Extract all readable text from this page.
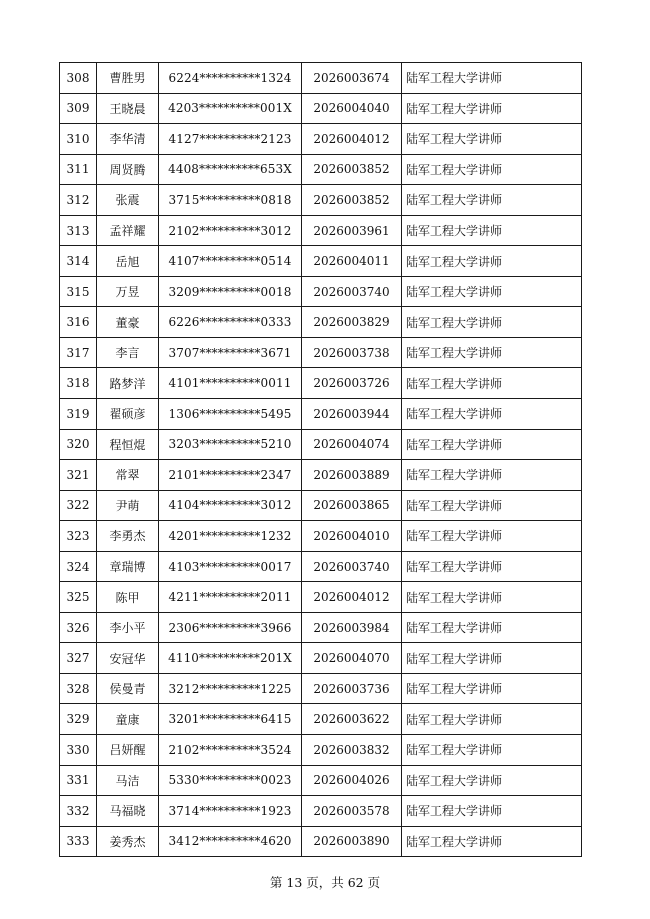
308	曹胜男	6224**********1324	2026003674	陆军工程大学讲师
309	王晓晨	4203**********001X	2026004040	陆军工程大学讲师
310	李华清	4127**********2123	2026004012	陆军工程大学讲师
311	周贤腾	4408**********653X	2026003852	陆军工程大学讲师
312	张震	3715**********0818	2026003852	陆军工程大学讲师
313	孟祥耀	2102**********3012	2026003961	陆军工程大学讲师
314	岳旭	4107**********0514	2026004011	陆军工程大学讲师
315	万昱	3209**********0018	2026003740	陆军工程大学讲师
316	董豪	6226**********0333	2026003829	陆军工程大学讲师
317	李言	3707**********3671	2026003738	陆军工程大学讲师
318	路梦洋	4101**********0011	2026003726	陆军工程大学讲师
319	翟硕彦	1306**********5495	2026003944	陆军工程大学讲师
320	程恒焜	3203**********5210	2026004074	陆军工程大学讲师
321	常翠	2101**********2347	2026003889	陆军工程大学讲师
322	尹萌	4104**********3012	2026003865	陆军工程大学讲师
323	李勇杰	4201**********1232	2026004010	陆军工程大学讲师
324	章瑞博	4103**********0017	2026003740	陆军工程大学讲师
325	陈甲	4211**********2011	2026004012	陆军工程大学讲师
326	李小平	2306**********3966	2026003984	陆军工程大学讲师
327	安冠华	4110**********201X	2026004070	陆军工程大学讲师
328	侯曼青	3212**********1225	2026003736	陆军工程大学讲师
329	童康	3201**********6415	2026003622	陆军工程大学讲师
330	吕妍醒	2102**********3524	2026003832	陆军工程大学讲师
331	马洁	5330**********0023	2026004026	陆军工程大学讲师
332	马福晓	3714**********1923	2026003578	陆军工程大学讲师
333	姜秀杰	3412**********4620	2026003890	陆军工程大学讲师
第 13 页，共 62 页
